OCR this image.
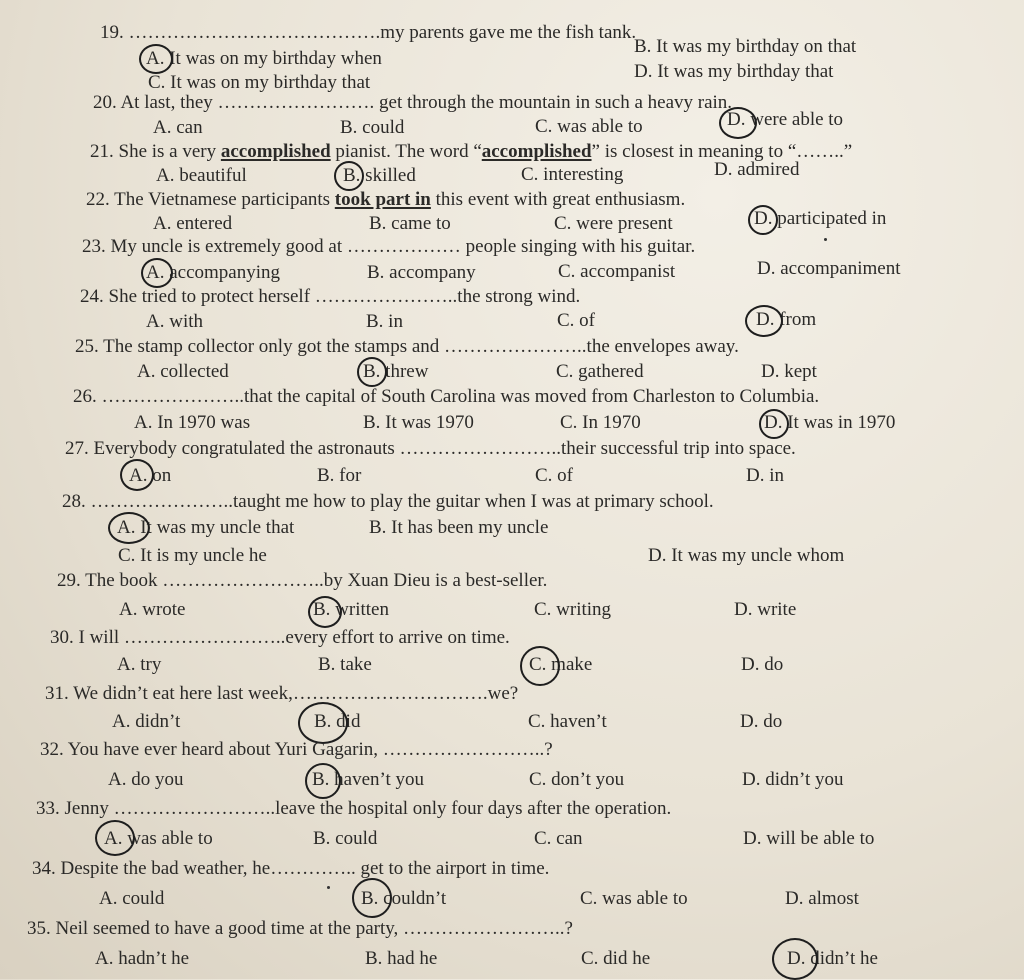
19. ………………………………….my parents gave me the fish tank.
A. It was on my birthday when
B. It was my birthday on that
C. It was on my birthday that
D. It was my birthday that
20. At last, they ……………………. get through the mountain in such a heavy rain.
A. can	B. could	C. was able to	D. were able to
21. She is a very accomplished pianist. The word “accomplished” is closest in meaning to “……..”
A. beautiful	B. skilled	C. interesting	D. admired
22. The Vietnamese participants took part in this event with great enthusiasm.
A. entered	B. came to	C. were present	D. participated in
23. My uncle is extremely good at ……………… people singing with his guitar.
A. accompanying	B. accompany	C. accompanist	D. accompaniment
24. She tried to protect herself …………………..the strong wind.
A. with	B. in	C. of	D. from
25. The stamp collector only got the stamps and …………………..the envelopes away.
A. collected	B. threw	C. gathered	D. kept
26. …………………..that the capital of South Carolina was moved from Charleston to Columbia.
A. In 1970 was	B. It was 1970	C. In 1970	D. It was in 1970
27. Everybody congratulated the astronauts ……………………..their successful trip into space.
A. on	B. for	C. of	D. in
28. …………………..taught me how to play the guitar when I was at primary school.
A. It was my uncle that	B. It has been my uncle
C. It is my uncle he	D. It was my uncle whom
29. The book ……………………..by Xuan Dieu is a best-seller.
A. wrote	B. written	C. writing	D. write
30. I will ……………………..every effort to arrive on time.
A. try	B. take	C. make	D. do
31. We didn’t eat here last week,………………………….we?
A. didn’t	B. did	C. haven’t	D. do
32. You have ever heard about Yuri Gagarin, ……………………..?
A. do you	B. haven’t you	C. don’t you	D. didn’t you
33. Jenny ……………………..leave the hospital only four days after the operation.
A. was able to	B. could	C. can	D. will be able to
34. Despite the bad weather, he………….. get to the airport in time.
A. could	B. couldn’t	C. was able to	D. almost
35. Neil seemed to have a good time at the party, ……………………..?
A. hadn’t he	B. had he	C. did he	D. didn’t he
